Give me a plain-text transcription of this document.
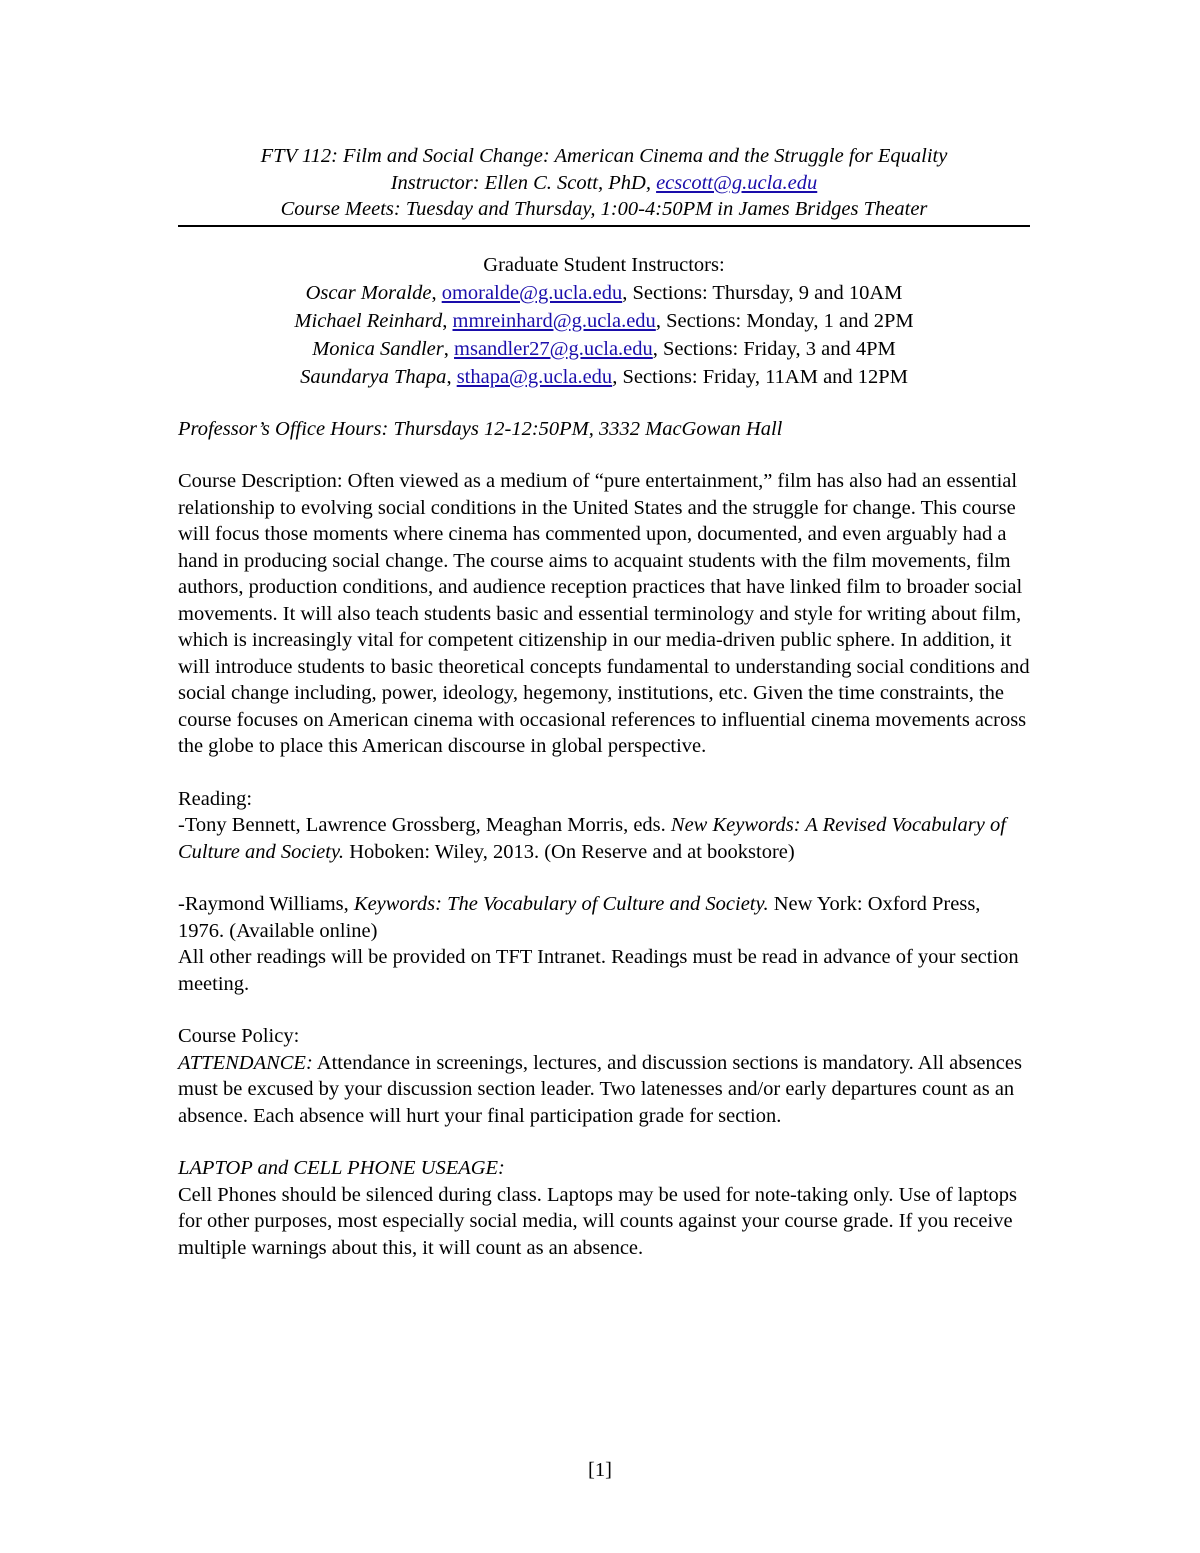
FTV 112: Film and Social Change: American Cinema and the Struggle for Equality
Instructor: Ellen C. Scott, PhD, ecscott@g.ucla.edu
Course Meets: Tuesday and Thursday, 1:00-4:50PM in James Bridges Theater
Graduate Student Instructors:
Oscar Moralde, omoralde@g.ucla.edu, Sections: Thursday, 9 and 10AM
Michael Reinhard, mmreinhard@g.ucla.edu, Sections: Monday, 1 and 2PM
Monica Sandler, msandler27@g.ucla.edu, Sections: Friday, 3 and 4PM
Saundarya Thapa, sthapa@g.ucla.edu, Sections: Friday, 11AM and 12PM

Professor’s Office Hours: Thursdays 12-12:50PM, 3332 MacGowan Hall

Course Description: Often viewed as a medium of “pure entertainment,” film has also had an essential relationship to evolving social conditions in the United States and the struggle for change. This course will focus those moments where cinema has commented upon, documented, and even arguably had a hand in producing social change. The course aims to acquaint students with the film movements, film authors, production conditions, and audience reception practices that have linked film to broader social movements. It will also teach students basic and essential terminology and style for writing about film, which is increasingly vital for competent citizenship in our media-driven public sphere. In addition, it will introduce students to basic theoretical concepts fundamental to understanding social conditions and social change including, power, ideology, hegemony, institutions, etc. Given the time constraints, the course focuses on American cinema with occasional references to influential cinema movements across the globe to place this American discourse in global perspective.

Reading:

-Tony Bennett, Lawrence Grossberg, Meaghan Morris, eds. New Keywords: A Revised Vocabulary of Culture and Society. Hoboken: Wiley, 2013. (On Reserve and at bookstore)

-Raymond Williams, Keywords: The Vocabulary of Culture and Society. New York: Oxford Press, 1976. (Available online)

All other readings will be provided on TFT Intranet. Readings must be read in advance of your section meeting.

Course Policy:

ATTENDANCE: Attendance in screenings, lectures, and discussion sections is mandatory. All absences must be excused by your discussion section leader. Two latenesses and/or early departures count as an absence. Each absence will hurt your final participation grade for section.

LAPTOP and CELL PHONE USEAGE:

Cell Phones should be silenced during class. Laptops may be used for note-taking only. Use of laptops for other purposes, most especially social media, will counts against your course grade. If you receive multiple warnings about this, it will count as an absence.

[1]
